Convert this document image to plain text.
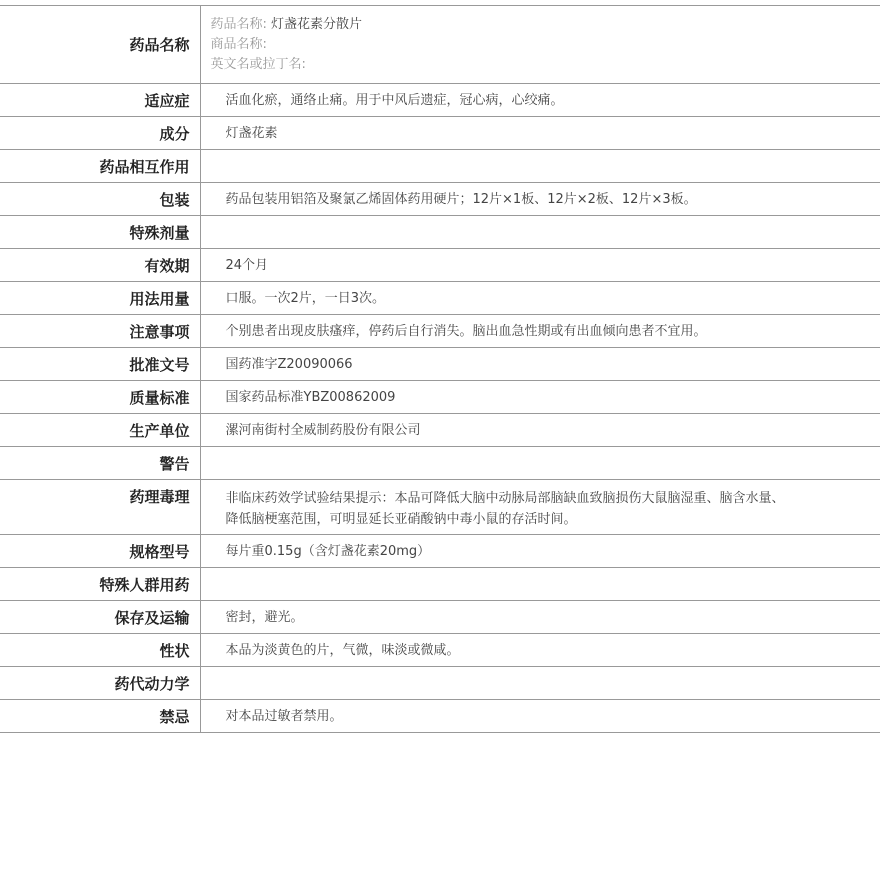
药品名称	药品名称: 灯盏花素分散片
商品名称:
英文名或拉丁名:

适应症	活血化瘀，通络止痛。用于中风后遗症，冠心病，心绞痛。
成分	灯盏花素
药品相互作用	
包装	药品包装用铝箔及聚氯乙烯固体药用硬片；12片×1板、12片×2板、12片×3板。
特殊剂量	
有效期	24个月
用法用量	口服。一次2片，一日3次。
注意事项	个别患者出现皮肤瘙痒，停药后自行消失。脑出血急性期或有出血倾向患者不宜用。
批准文号	国药准字Z20090066
质量标准	国家药品标准YBZ00862009
生产单位	漯河南街村全威制药股份有限公司
警告	
药理毒理	非临床药效学试验结果提示：本品可降低大脑中动脉局部脑缺血致脑损伤大鼠脑湿重、脑含水量、降低脑梗塞范围，可明显延长亚硝酸钠中毒小鼠的存活时间。
规格型号	每片重0.15g（含灯盏花素20mg）
特殊人群用药	
保存及运输	密封，避光。
性状	本品为淡黄色的片，气微，味淡或微咸。
药代动力学	
禁忌	对本品过敏者禁用。
